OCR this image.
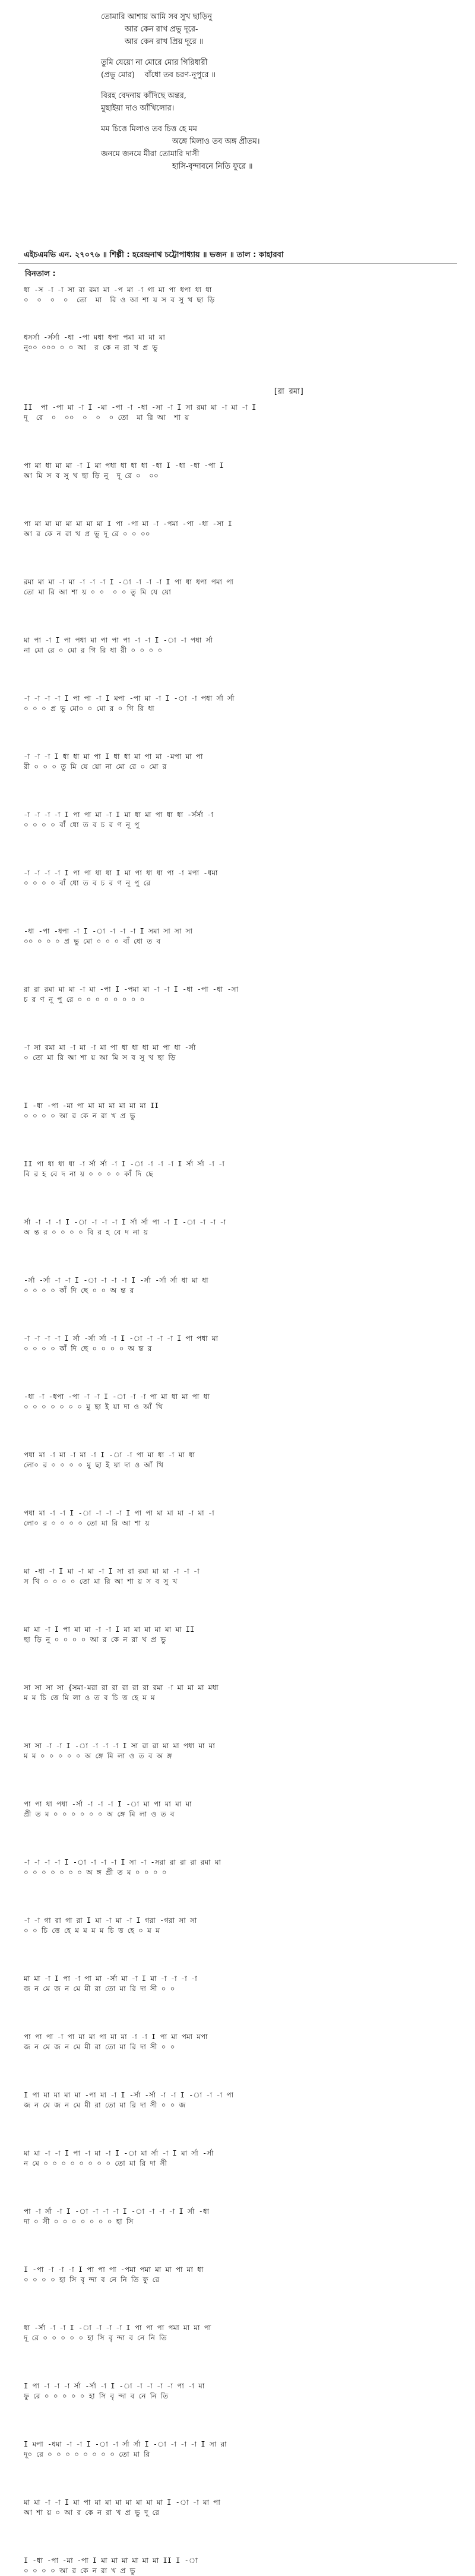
তোমারি আশায় আমি সব সুখ ছাড়িনু
আর কেন রাখ প্রভু দূরে-
আর কেন রাখ প্রিয় দূরে ॥
তুমি যেয়ো না মোরে মোর গিরিধারী
(প্রভু মোর)    বাঁধো তব চরণ-নূপুরে ॥
বিরহ বেদনায় কাঁদিছে অন্তর,
মুছাইয়া দাও আঁখিলোর।
মম চিত্তে মিলাও তব চিত্ত হে মম
অঙ্গে মিলাও তব অঙ্গ প্রীতম।
জনমে জনমে মীরা তোমারি দাসী
হাসি-বৃন্দাবনে নিতি ফুরে ॥
এইচএমভি এন. ২৭০৭৬ ॥ শিল্পী : হরেন্দ্রনাথ চট্টোপাধ্যায় ॥ ভজন ॥ তাল : কাহারবা
বিনতাল :
ধা -স -া -া সা রা রমা মা -প মা -া গা মা পা ধপা ধা ধা
০  ০  ০  ০  তো  মা  রি ও আ শা য় স ব সু খ ছা ড়ি
ধসর্সা -র্সর্সা -ধা -পা মধা ধপা পমা মা মা মা
নু০০ ০০০ ০ ০ আ  র কে ন রা খ প্র ভু
[রা রমা]
II  পা -পা মা -া I -মা -পা -া -ধা -সা -া I সা রমা মা -া মা -া I
দূ  রে  ০  ০০  ০  ০  ০ তো  মা রি আ  শা য়
পা মা ধা মা মা -া I মা পধা ধা ধা ধা -ধা I -ধা -ধা -পা I
আ মি স ব সু খ ছা ড়ি নু  দূ রে ০  ০০
পা মা মা মা মা মা মা মা I পা -পা মা -া -পমা -পা -ধা -সা I
আ র কে ন রা খ প্র ভু দূ রে ০ ০ ০০
রমা মা মা -া মা -া -া -া I -া -া -া -া I পা ধা ধপা পমা পা
তো মা রি আ শা য় ০ ০  ০ ০ তু মি যে য়ো
মা পা -া I পা পধা মা পা পা পা -া -া I -া -া পধা র্সা
না মো রে ০ মো র গি রি ধা রী ০ ০ ০ ০
-া -া -া -া I পা পা -া I মপা -পা মা -া I -া -া পধা র্সা র্সা
০ ০ ০ প্র ভু মো০ ০ মো র ০ গি রি ধা
-া -া -া I ধা ধা মা পা I ধা ধা মা পা মা -মপা মা পা
রী ০ ০ ০ তু মি যে য়ো না মো রে ০ মো র
-া -া -া -া I পা পা মা -া I মা ধা মা পা ধা ধা -র্সর্সা -া
০ ০ ০ ০ বাঁ ধো ত ব চ র ণ নূ পু
-া -া -া -া I পা পা ধা ধা I মা পা ধা ধা পা -া মপা -ধমা
০ ০ ০ ০ বাঁ ধো ত ব চ র ণ নূ পু রে
-ধা -পা -ধপা -া I -া -া -া -া I সমা সা সা সা
০০ ০ ০ ০ প্র ভু মো ০ ০ ০ বাঁ ধো ত ব
রা রা রমা মা মা -া মা -পা I -পমা মা -া -া I -ধা -পা -ধা -সা
চ র ণ নূ পু রে ০ ০ ০ ০ ০ ০ ০ ০
-া সা রমা মা -া মা -া মা পা ধা ধা ধা মা পা ধা -র্সা
০ তো মা রি আ শা য় আ মি স ব সু খ ছা ড়ি
I -ধা -পা -মা পা মা মা মা মা মা মা II
০ ০ ০ ০ আ র কে ন রা খ প্র ভু
II পা ধা ধা ধা -া র্সা র্সা -া I -া -া -া -া I র্সা র্সা -া -া
বি র হ বে দ না য় ০ ০ ০ ০ কাঁ দি ছে
র্সা -া -া -া I -া -া -া -া I র্সা র্সা পা -া I -া -া -া -া
অ ন্ত র ০ ০ ০ ০ বি র হ বে দ না য়
-র্সা -র্সা -া -া I -া -া -া -া I -র্সা -র্সা র্সা ধা মা ধা
০ ০ ০ ০ কাঁ দি ছে ০ ০ অ ন্ত র
-া -া -া -া I র্সা -র্সা র্সা -া I -া -া -া -া I পা পধা মা
০ ০ ০ ০ কাঁ দি ছে ০ ০ ০ ০ অ ন্ত র
-ধা -া -ধপা -পা -া -া I -া -া -া পা মা ধা মা পা ধা
০ ০ ০ ০ ০ ০ ০ মু ছা ই য়া দা ও আঁ খি
পধা মা -া মা -া মা -া I -া -া পা মা ধা -া মা ধা
লো০ র ০ ০ ০ ০ মু ছা ই য়া দা ও আঁ খি
পধা মা -া -া I -া -া -া -া I পা পা মা মা মা -া মা -া
লো০ র ০ ০ ০ ০ তো মা রি আ শা য়
মা -ধা -া I মা -া মা -া I সা রা রমা মা মা -া -া -া
স খি ০ ০ ০ ০ তো মা রি আ শা য় স ব সু খ
মা মা -া I পা মা মা -া -া I মা মা মা মা মা মা II
ছা ড়ি নু ০ ০ ০ ০ আ র কে ন রা খ প্র ভু
সা সা সা সা {সমা-মরা রা রা রা রা রা রমা -া মা মা মা মধা
ম ম চি ত্তে মি লা ও ত ব চি ত্ত হে ম ম
সা সা -া -া I -া -া -া -া I সা রা রা মা মা পধা মা মা
ম ম ০ ০ ০ ০ ০ অ ঙ্গে মি লা ও ত ব অ ঙ্গ
পা পা ধা পধা -র্সা -া -া -া I -া মা পা মা মা মা
প্রী ত ম ০ ০ ০ ০ ০ ০ অ ঙ্গে মি লা ও ত ব
-া -া -া -া I -া -া -া -া I সা -া -সরা রা রা রা রমা মা
০ ০ ০ ০ ০ ০ ০ অ ঙ্গ প্রী ত ম ০ ০ ০ ০
-া -া গা রা গা রা I মা -া মা -া I গরা -গরা সা সা
০ ০ চি ত্তে হে ম ম ম ম চি ত্ত হে ০ ম ম
মা মা -া I পা -া পা মা -র্সা মা -া I মা -া -া -া -া
জ ন মে জ ন মে মী রা তো মা রি দা সী ০ ০
পা পা পা -া পা মা মা পা মা মা -া -া I পা মা পমা মপা
জ ন মে জ ন মে মী রা তো মা রি দা সী ০ ০
I পা মা মা মা মা -পা মা -া I -র্সা -র্সা -া -া I -া -া -া পা
জ ন মে জ ন মে মী রা তো মা রি দা সী ০ ০ জ
মা মা -া -া I পা -া মা -া I -া মা র্সা -া I মা র্সা -র্সা
ন মে ০ ০ ০ ০ ০ ০ ০ ০ তো মা রি দা সী
পা -া র্সা -া I -া -া -া -া I -া -া -া -া I র্সা -ধা
দা ০ সী ০ ০ ০ ০ ০ ০ ০ হা সি
I -পা -া -া -া I পা পা পা -পমা পমা মা মা পা মা ধা
০ ০ ০ ০ হা সি বৃ ন্দা ব নে নি তি ফু রে
ধা -র্সা -া -া I -া -া -া -া I পা পা পা পমা মা মা পা
দূ রে ০ ০ ০ ০ ০ হা সি বৃ ন্দা ব নে নি তি
I পা -া -া -া র্সা -র্সা -া I -া -া -া -া -া পা -া মা
ফু রে ০ ০ ০ ০ ০ হা সি বৃ ন্দা ব নে নি তি
I মপা -ধমা -া -া I -া -া র্সা র্সা I -া -া -া -া I সা রা
দূ০ রে ০ ০ ০ ০ ০ ০ ০ ০ তো মা রি
মা মা -া -া I মা পা মা মা মা মা মা মা মা I -া -া মা পা
আ শা য় ০ আ র কে ন রা খ প্র ভু দূ রে
I -ধা -পা -মা -পা I মা মা মা মা মা মা II I -া
০ ০ ০ ০ আ র কে ন রা খ প্র ভু
